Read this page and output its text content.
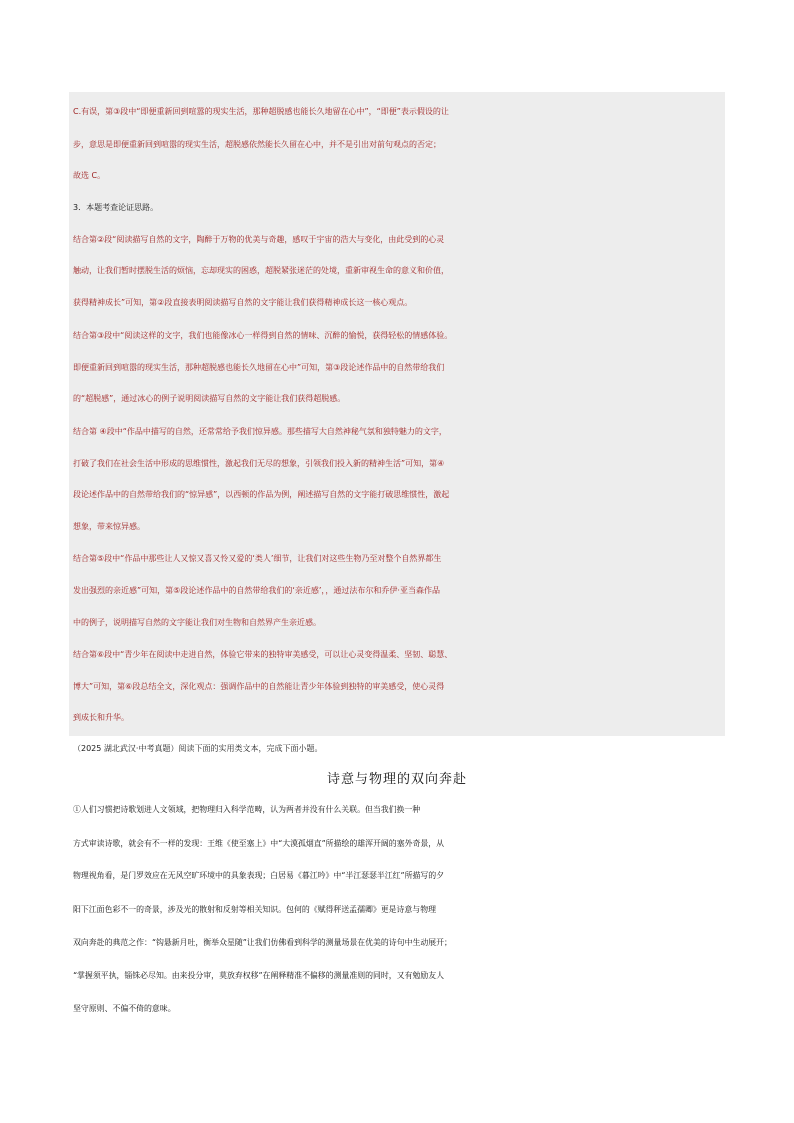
C.有误，第③段中“即便重新回到喧嚣的现实生活，那种超脱感也能长久地留在心中”，“即便”表示假设的让
步，意思是即便重新回到喧嚣的现实生活，超脱感依然能长久留在心中，并不是引出对前句观点的否定；
故选 C。
3．本题考查论证思路。
结合第②段“阅读描写自然的文字，陶醉于万物的优美与奇趣，感叹于宇宙的浩大与变化，由此受到的心灵
触动，让我们暂时摆脱生活的烦恼，忘却现实的困惑，超脱紧张迷茫的处境，重新审视生命的意义和价值，
获得精神成长”可知，第②段直接表明阅读描写自然的文字能让我们获得精神成长这一核心观点。
结合第③段中“阅读这样的文字，我们也能像冰心一样得到自然的情味、沉醉的愉悦，获得轻松的情感体验。
即便重新回到喧嚣的现实生活，那种超脱感也能长久地留在心中”可知，第③段论述作品中的自然带给我们
的“超脱感”，通过冰心的例子说明阅读描写自然的文字能让我们获得超脱感。
结合第 ④段中“作品中描写的自然，还常常给予我们惊异感。那些描写大自然神秘气氛和独特魅力的文字，
打破了我们在社会生活中形成的思维惯性，激起我们无尽的想象，引领我们投入新的精神生活”可知，第④
段论述作品中的自然带给我们的“惊异感”，以西顿的作品为例，阐述描写自然的文字能打破思维惯性，激起
想象，带来惊异感。
结合第⑤段中“作品中那些让人又惊又喜又怜又爱的‘类人’细节，让我们对这些生物乃至对整个自然界都生
发出强烈的亲近感”可知，第⑤段论述作品中的自然带给我们的‘亲近感’，，通过法布尔和乔伊·亚当森作品
中的例子，说明描写自然的文字能让我们对生物和自然界产生亲近感。
结合第⑥段中“青少年在阅读中走进自然，体验它带来的独特审美感受，可以让心灵变得温柔、坚韧、聪慧、
博大”可知，第⑥段总结全文，深化观点：强调作品中的自然能让青少年体验到独特的审美感受，使心灵得
到成长和升华。
（2025 湖北武汉·中考真题）阅读下面的实用类文本，完成下面小题。
诗意与物理的双向奔赴
①人们习惯把诗歌划进人文领域，把物理归入科学范畴，认为两者并没有什么关联。但当我们换一种
方式审读诗歌，就会有不一样的发现：王维《使至塞上》中“大漠孤烟直”所描绘的雄浑开阔的塞外奇景，从
物理视角看，是门罗效应在无风空旷环境中的具象表现；白居易《暮江吟》中“半江瑟瑟半江红”所描写的夕
阳下江面色彩不一的奇景，涉及光的散射和反射等相关知识。包何的《赋得秤送孟孺卿》更是诗意与物理
双向奔赴的典范之作：“钩悬新月吐，衡举众星随”让我们仿佛看到科学的测量场景在优美的诗句中生动展开；
“掌握须平执，锱铢必尽知。由来投分审，莫放弃权移”在阐释精准不偏移的测量准则的同时，又有勉励友人
坚守原则、不偏不倚的意味。
